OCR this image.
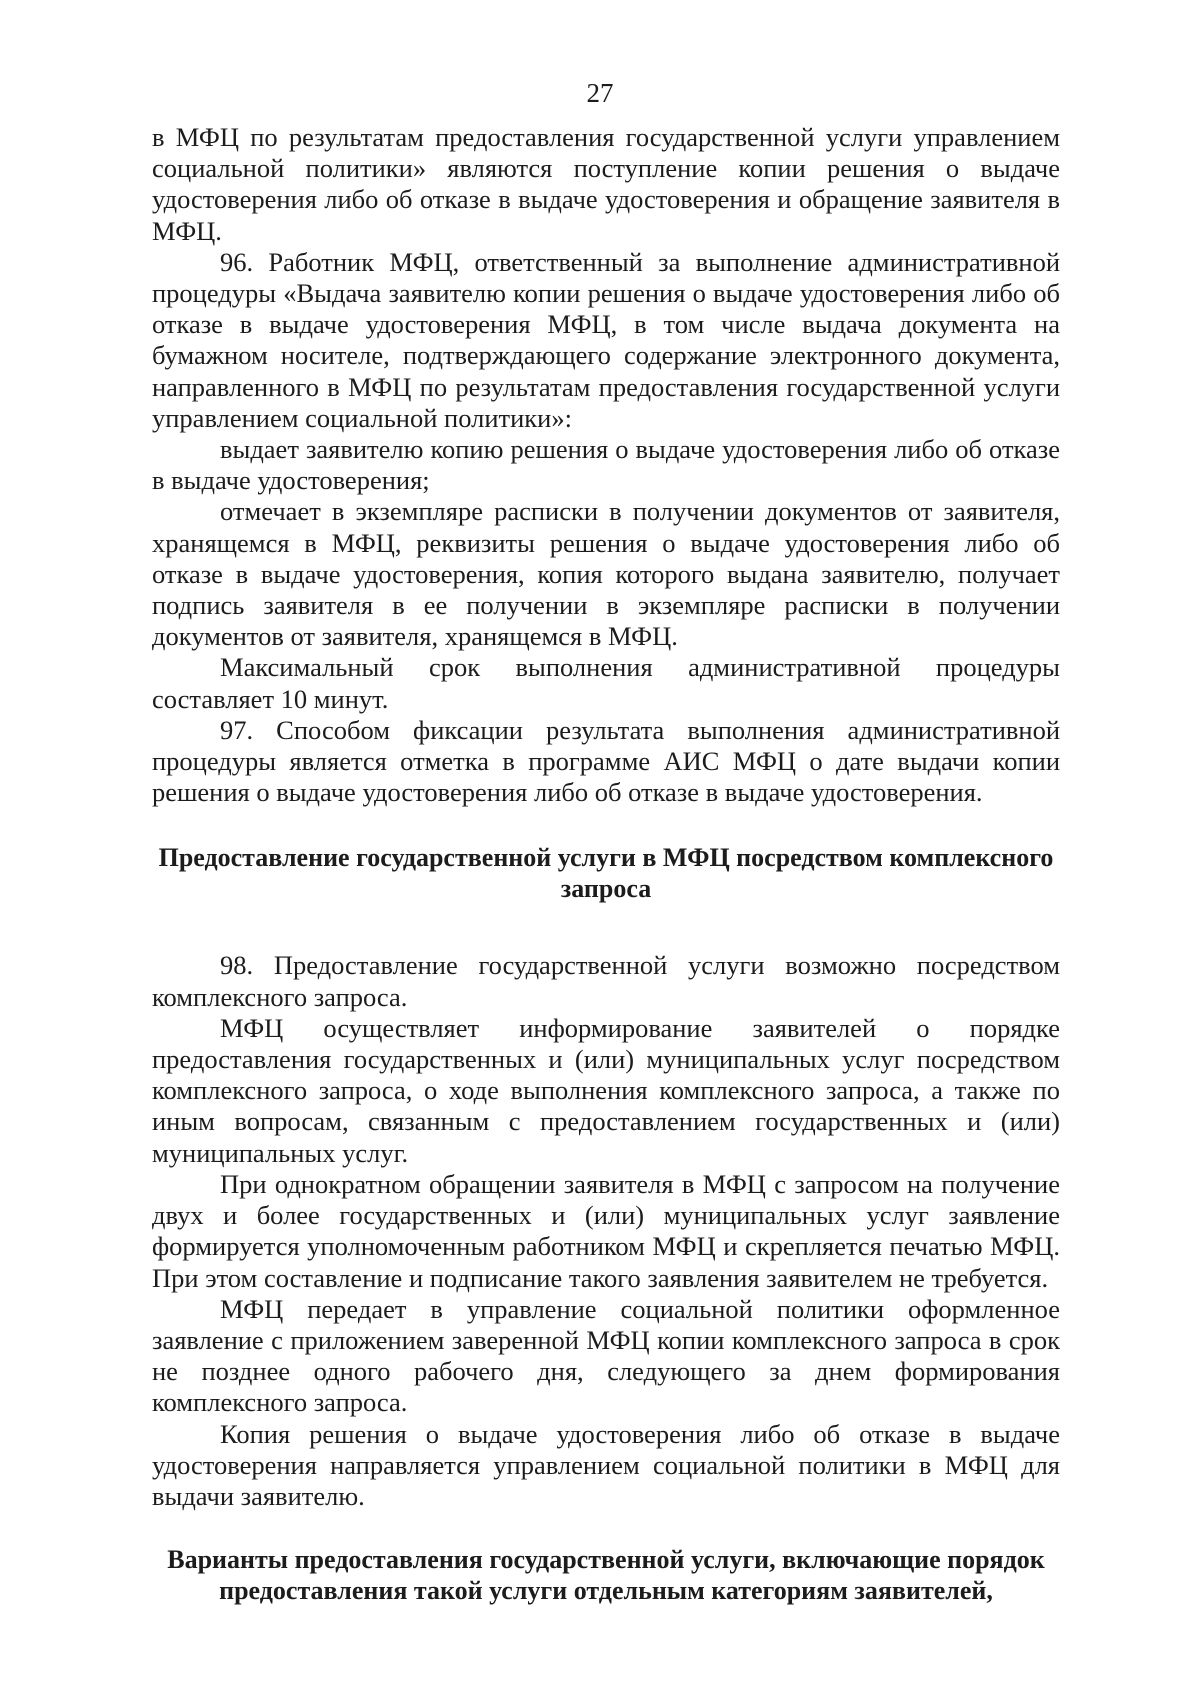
27

в МФЦ по результатам предоставления государственной услуги управлением социальной политики» являются поступление копии решения о выдаче удостоверения либо об отказе в выдаче удостоверения и обращение заявителя в МФЦ.

96. Работник МФЦ, ответственный за выполнение административной процедуры «Выдача заявителю копии решения о выдаче удостоверения либо об отказе в выдаче удостоверения МФЦ, в том числе выдача документа на бумажном носителе, подтверждающего содержание электронного документа, направленного в МФЦ по результатам предоставления государственной услуги управлением социальной политики»:

выдает заявителю копию решения о выдаче удостоверения либо об отказе в выдаче удостоверения;

отмечает в экземпляре расписки в получении документов от заявителя, хранящемся в МФЦ, реквизиты решения о выдаче удостоверения либо об отказе в выдаче удостоверения, копия которого выдана заявителю, получает подпись заявителя в ее получении в экземпляре расписки в получении документов от заявителя, хранящемся в МФЦ.

Максимальный срок выполнения административной процедуры составляет 10 минут.

97. Способом фиксации результата выполнения административной процедуры является отметка в программе АИС МФЦ о дате выдачи копии решения о выдаче удостоверения либо об отказе в выдаче удостоверения.

Предоставление государственной услуги в МФЦ посредством комплексного запроса

98. Предоставление государственной услуги возможно посредством комплексного запроса.

МФЦ осуществляет информирование заявителей о порядке предоставления государственных и (или) муниципальных услуг посредством комплексного запроса, о ходе выполнения комплексного запроса, а также по иным вопросам, связанным с предоставлением государственных и (или) муниципальных услуг.

При однократном обращении заявителя в МФЦ с запросом на получение двух и более государственных и (или) муниципальных услуг заявление формируется уполномоченным работником МФЦ и скрепляется печатью МФЦ. При этом составление и подписание такого заявления заявителем не требуется.

МФЦ передает в управление социальной политики оформленное заявление с приложением заверенной МФЦ копии комплексного запроса в срок не позднее одного рабочего дня, следующего за днем формирования комплексного запроса.

Копия решения о выдаче удостоверения либо об отказе в выдаче удостоверения направляется управлением социальной политики в МФЦ для выдачи заявителю.

Варианты предоставления государственной услуги, включающие порядок предоставления такой услуги отдельным категориям заявителей,
